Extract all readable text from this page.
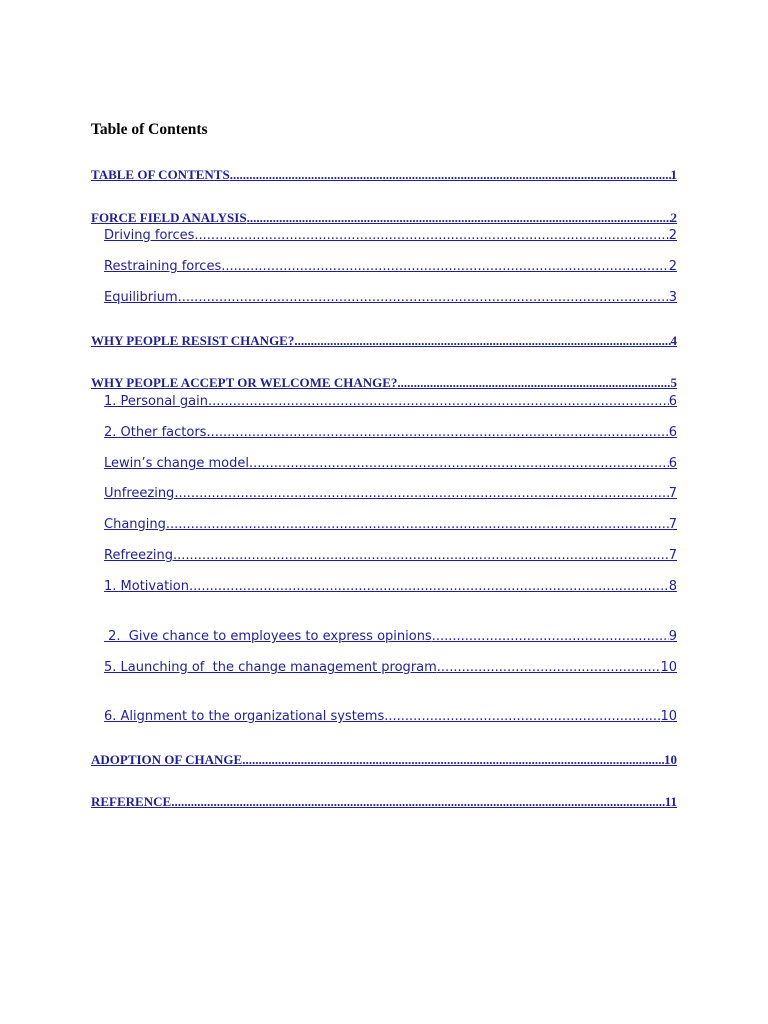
Table of Contents
TABLE OF CONTENTS .....	1
FORCE FIELD ANALYSIS .....	2
Driving forces .....	2
Restraining forces .....	2
Equilibrium .....	3
WHY PEOPLE RESIST CHANGE? .....	4
WHY PEOPLE ACCEPT OR WELCOME CHANGE? .....	5
1. Personal gain .....	6
2. Other factors .....	6
Lewin’s change model .....	6
Unfreezing .....	7
Changing .....	7
Refreezing .....	7
1. Motivation .....	8
2.  Give chance to employees to express opinions .....	9
5. Launching of  the change management program .....	10
6. Alignment to the organizational systems .....	10
ADOPTION OF CHANGE .....	10
REFERENCE .....	11
